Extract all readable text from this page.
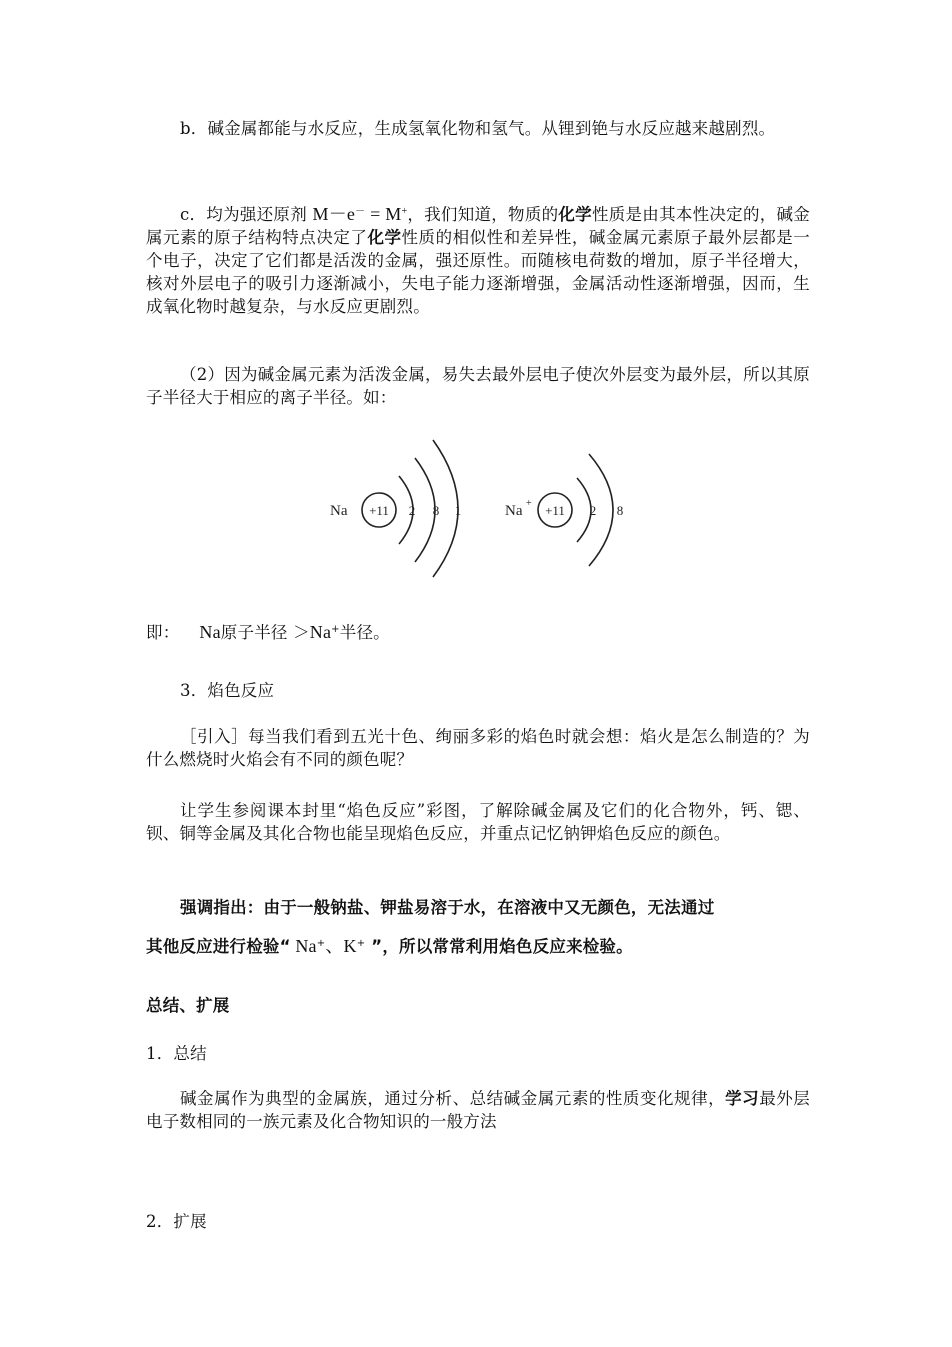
b．碱金属都能与水反应，生成氢氧化物和氢气。从锂到铯与水反应越来越剧烈。
c．均为强还原剂 M－e－ = M+，我们知道，物质的化学性质是由其本性决定的，碱金属元素的原子结构特点决定了化学性质的相似性和差异性，碱金属元素原子最外层都是一个电子，决定了它们都是活泼的金属，强还原性。而随核电荷数的增加，原子半径增大，核对外层电子的吸引力逐渐减小，失电子能力逐渐增强，金属活动性逐渐增强，因而，生成氧化物时越复杂，与水反应更剧烈。
（2）因为碱金属元素为活泼金属，易失去最外层电子使次外层变为最外层，所以其原子半径大于相应的离子半径。如：
Na +11 2 8 1	Na + +11 2 8
即： Na原子半径 ＞Na+半径。
3．焰色反应
［引入］每当我们看到五光十色、绚丽多彩的焰色时就会想：焰火是怎么制造的？为什么燃烧时火焰会有不同的颜色呢？
让学生参阅课本封里“焰色反应”彩图，了解除碱金属及它们的化合物外，钙、锶、钡、铜等金属及其化合物也能呈现焰色反应，并重点记忆钠钾焰色反应的颜色。
强调指出：由于一般钠盐、钾盐易溶于水，在溶液中又无颜色，无法通过
其他反应进行检验“ Na+、K+ ”，所以常常利用焰色反应来检验。
总结、扩展
1．总结
碱金属作为典型的金属族，通过分析、总结碱金属元素的性质变化规律，学习最外层电子数相同的一族元素及化合物知识的一般方法
2．扩展
